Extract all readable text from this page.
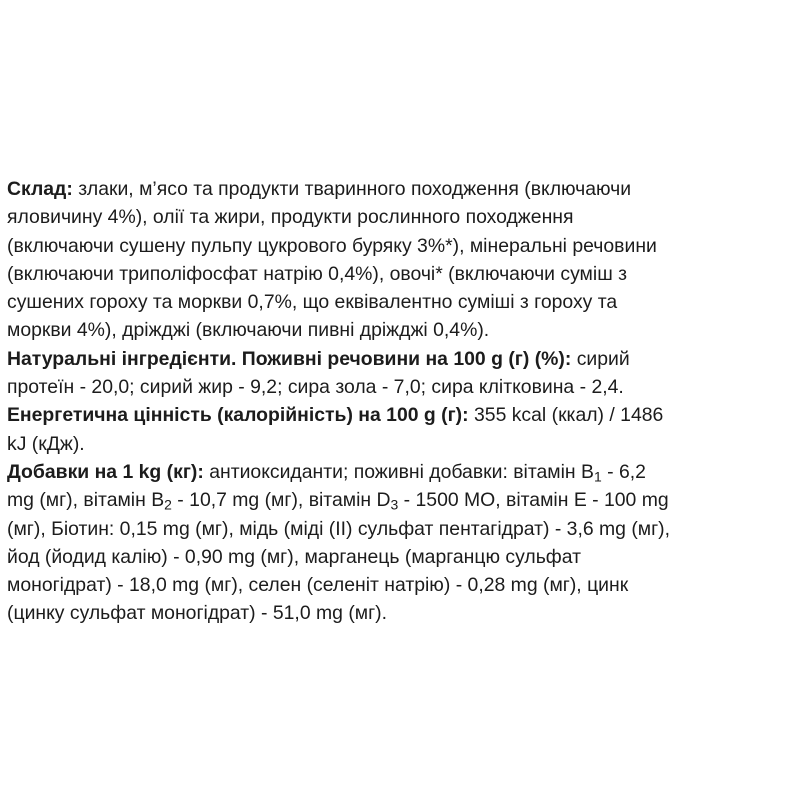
Склад: злаки, м’ясо та продукти тваринного походження (включаючи
яловичину 4%), олії та жири, продукти рослинного походження
(включаючи сушену пульпу цукрового буряку 3%*), мінеральні речовини
(включаючи триполіфосфат натрію 0,4%), овочі* (включаючи суміш з
сушених гороху та моркви 0,7%, що еквівалентно суміші з гороху та
моркви 4%), дріжджі (включаючи пивні дріжджі 0,4%).
Натуральні інгредієнти. Поживні речовини на 100 g (г) (%): сирий
протеїн - 20,0; сирий жир - 9,2; сира зола - 7,0; сира клітковина - 2,4.
Енергетична цінність (калорійність) на 100 g (г): 355 kcal (ккал) / 1486
kJ (кДж).
Добавки на 1 kg (кг): антиоксиданти; поживні добавки: вітамін $B_1 - 6,2$
mg (мг), вітамін $B_2 - 10,7$ mg (мг), вітамін $D_3 - 1500$ МО, вітамін Е - 100 mg
(мг), Біотин: 0,15 mg (мг), мідь (міді (II) сульфат пентагідрат) - 3,6 mg (мг),
йод (йодид калію) - 0,90 mg (мг), марганець (марганцю сульфат
моногідрат) - 18,0 mg (мг), селен (селеніт натрію) - 0,28 mg (мг), цинк
(цинку сульфат моногідрат) - 51,0 mg (мг).
